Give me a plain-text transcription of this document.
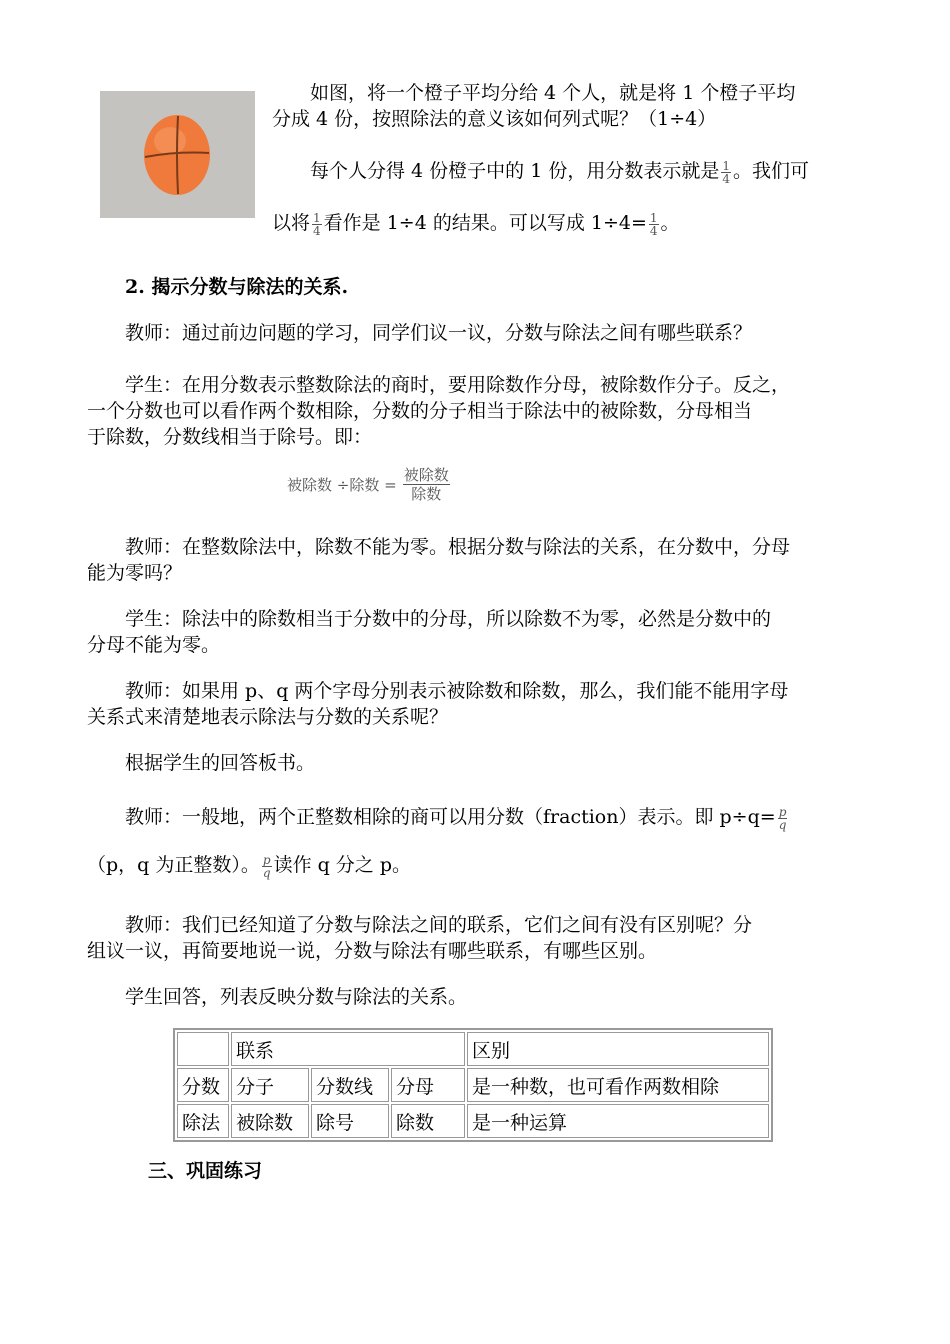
如图，将一个橙子平均分给 4 个人，就是将 1 个橙子平均

分成 4 份，按照除法的意义该如何列式呢？（1÷4）

每个人分得 4 份橙子中的 1 份，用分数表示就是 $\frac{1}{4}$ 。我们可

以将 $\frac{1}{4}$ 看作是 1÷4 的结果。可以写成 $1\div 4= \frac{1}{4}$ 。

2. 揭示分数与除法的关系.

教师：通过前边问题的学习，同学们议一议，分数与除法之间有哪些联系？

学生：在用分数表示整数除法的商时，要用除数作分母，被除数作分子。反之，

一个分数也可以看作两个数相除，分数的分子相当于除法中的被除数，分母相当

于除数，分数线相当于除号。即：

被除数 ÷除数 = $\frac{\text{被除数}}{\text{除数}}$

教师：在整数除法中，除数不能为零。根据分数与除法的关系，在分数中，分母

能为零吗？

学生：除法中的除数相当于分数中的分母，所以除数不为零，必然是分数中的

分母不能为零。

教师：如果用 p、q 两个字母分别表示被除数和除数，那么，我们能不能用字母

关系式来清楚地表示除法与分数的关系呢？

根据学生的回答板书。

教师：一般地，两个正整数相除的商可以用分数（fraction）表示。即 $p\div q= \frac{p}{q}$

（p，q 为正整数）。 $\frac{p}{q}$ 读作 q 分之 p。

教师：我们已经知道了分数与除法之间的联系，它们之间有没有区别呢？分

组议一议，再简要地说一说，分数与除法有哪些联系，有哪些区别。

学生回答，列表反映分数与除法的关系。

	联系			区别
分数	分子	分数线	分母	是一种数，也可看作两数相除
除法	被除数	除号	除数	是一种运算

三、巩固练习
